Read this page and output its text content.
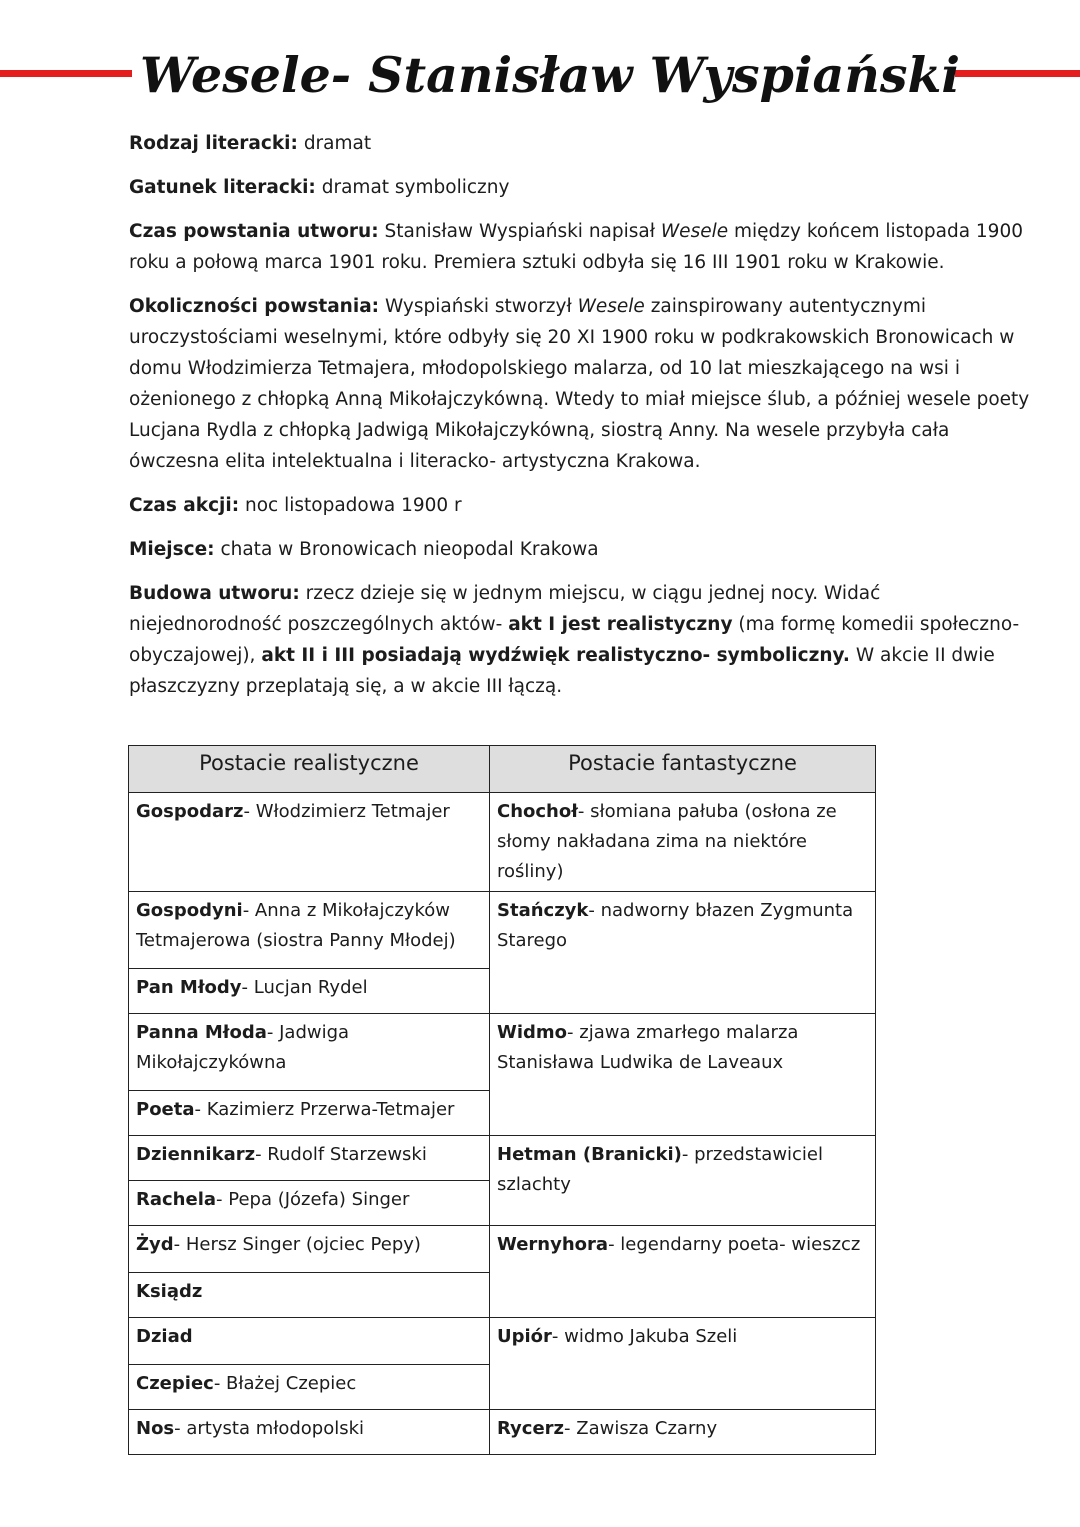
Wesele- Stanisław Wyspiański

Rodzaj literacki: dramat

Gatunek literacki: dramat symboliczny

Czas powstania utworu: Stanisław Wyspiański napisał Wesele między końcem listopada 1900 roku a połową marca 1901 roku. Premiera sztuki odbyła się 16 III 1901 roku w Krakowie.

Okoliczności powstania: Wyspiański stworzył Wesele zainspirowany autentycznymi uroczystościami weselnymi, które odbyły się 20 XI 1900 roku w podkrakowskich Bronowicach w domu Włodzimierza Tetmajera, młodopolskiego malarza, od 10 lat mieszkającego na wsi i ożenionego z chłopką Anną Mikołajczykówną. Wtedy to miał miejsce ślub, a później wesele poety Lucjana Rydla z chłopką Jadwigą Mikołajczykówną, siostrą Anny. Na wesele przybyła cała ówczesna elita intelektualna i literacko- artystyczna Krakowa.

Czas akcji: noc listopadowa 1900 r

Miejsce: chata w Bronowicach nieopodal Krakowa

Budowa utworu: rzecz dzieje się w jednym miejscu, w ciągu jednej nocy. Widać niejednorodność poszczególnych aktów- akt I jest realistyczny (ma formę komedii społeczno-obyczajowej), akt II i III posiadają wydźwięk realistyczno- symboliczny. W akcie II dwie płaszczyzny przeplatają się, a w akcie III łączą.

Postacie realistyczne	Postacie fantastyczne
Gospodarz- Włodzimierz Tetmajer	Chochoł- słomiana pałuba (osłona ze słomy nakładana zima na niektóre rośliny)
Gospodyni- Anna z Mikołajczyków Tetmajerowa (siostra Panny Młodej)	Stańczyk- nadworny błazen Zygmunta Starego
Pan Młody- Lucjan Rydel	
Panna Młoda- Jadwiga Mikołajczykówna	Widmo- zjawa zmarłego malarza Stanisława Ludwika de Laveaux
Poeta- Kazimierz Przerwa-Tetmajer	
Dziennikarz- Rudolf Starzewski	Hetman (Branicki)- przedstawiciel szlachty
Rachela- Pepa (Józefa) Singer	
Żyd- Hersz Singer (ojciec Pepy)	Wernyhora- legendarny poeta- wieszcz
Ksiądz	
Dziad	Upiór- widmo Jakuba Szeli
Czepiec- Błażej Czepiec	
Nos- artysta młodopolski	Rycerz- Zawisza Czarny
